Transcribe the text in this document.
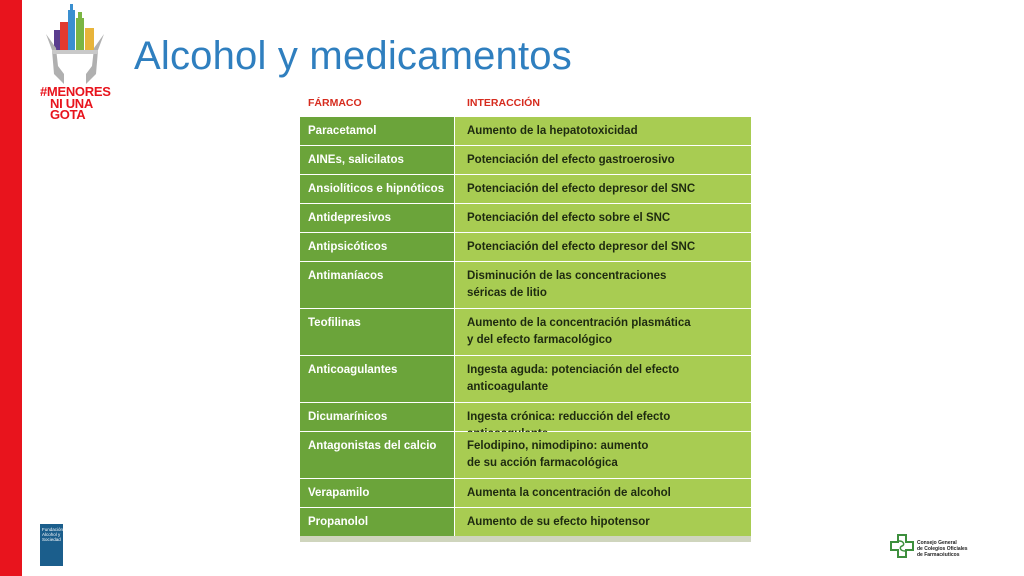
#MENORES
NI UNA
GOTA
Alcohol y medicamentos
FÁRMACO	INTERACCIÓN
Paracetamol	Aumento de la hepatotoxicidad
AINEs, salicilatos	Potenciación del efecto gastroerosivo
Ansiolíticos e hipnóticos	Potenciación del efecto depresor del SNC
Antidepresivos	Potenciación del efecto sobre el SNC
Antipsicóticos	Potenciación del efecto depresor del SNC
Antimaníacos	Disminución de las concentraciones
séricas de litio
Teofilinas	Aumento de la concentración plasmática
y del efecto farmacológico
Anticoagulantes	Ingesta aguda: potenciación del efecto
anticoagulante
Dicumarínicos	Ingesta crónica: reducción del efecto
Antagonistas del calcio	Felodipino, nimodipino: aumento
de su acción farmacológica
Verapamilo	Aumenta la concentración de alcohol
Propanolol	Aumento de su efecto hipotensor
Fundación Alcohol y Sociedad
Consejo General
de Colegios Oficiales
de Farmacéuticos
